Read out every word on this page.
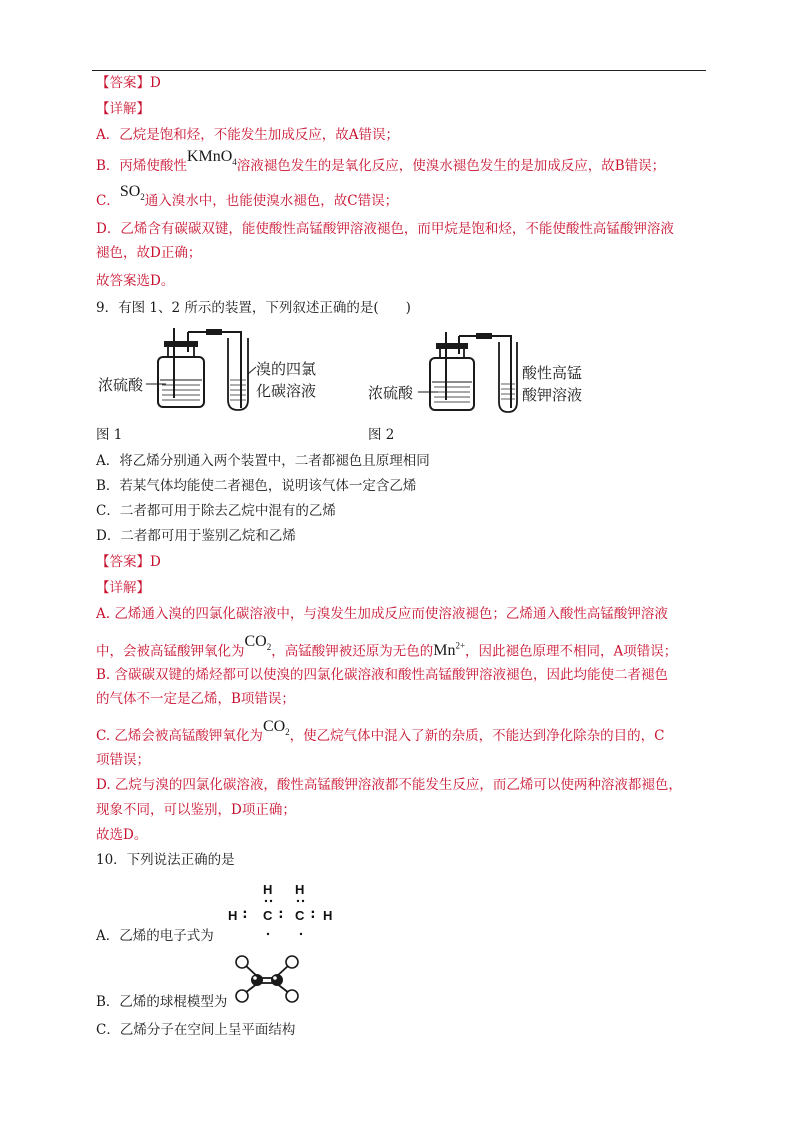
【答案】D
【详解】
A．乙烷是饱和烃，不能发生加成反应，故A错误；
B．丙烯使酸性KMnO$_4$溶液褪色发生的是氧化反应，使溴水褪色发生的是加成反应，故B错误；
C．$SO_2$通入溴水中，也能使溴水褪色，故C错误；
D．乙烯含有碳碳双键，能使酸性高锰酸钾溶液褪色，而甲烷是饱和烃，不能使酸性高锰酸钾溶液
褪色，故D正确；
故答案选D。
9．有图 1、2 所示的装置，下列叙述正确的是(　　)
浓硫酸
溴的四氯
化碳溶液	浓硫酸
酸性高锰
酸钾溶液
图 1	图 2
A．将乙烯分别通入两个装置中，二者都褪色且原理相同
B．若某气体均能使二者褪色，说明该气体一定含乙烯
C．二者都可用于除去乙烷中混有的乙烯
D．二者都可用于鉴别乙烷和乙烯
【答案】D
【详解】
A. 乙烯通入溴的四氯化碳溶液中，与溴发生加成反应而使溶液褪色；乙烯通入酸性高锰酸钾溶液
中，会被高锰酸钾氧化为$CO_2$，高锰酸钾被还原为无色的$Mn^{2+}$，因此褪色原理不相同，A项错误；
B. 含碳碳双键的烯烃都可以使溴的四氯化碳溶液和酸性高锰酸钾溶液褪色，因此均能使二者褪色
的气体不一定是乙烯，B项错误；
C. 乙烯会被高锰酸钾氧化为$CO_2$，使乙烷气体中混入了新的杂质，不能达到净化除杂的目的，C
项错误；
D. 乙烷与溴的四氯化碳溶液，酸性高锰酸钾溶液都不能发生反应，而乙烯可以使两种溶液都褪色，
现象不同，可以鉴别，D项正确；
故选D。
10．下列说法正确的是
H H
H ∶ C ∶ C ∶ H
A．乙烯的电子式为
B．乙烯的球棍模型为
C．乙烯分子在空间上呈平面结构
